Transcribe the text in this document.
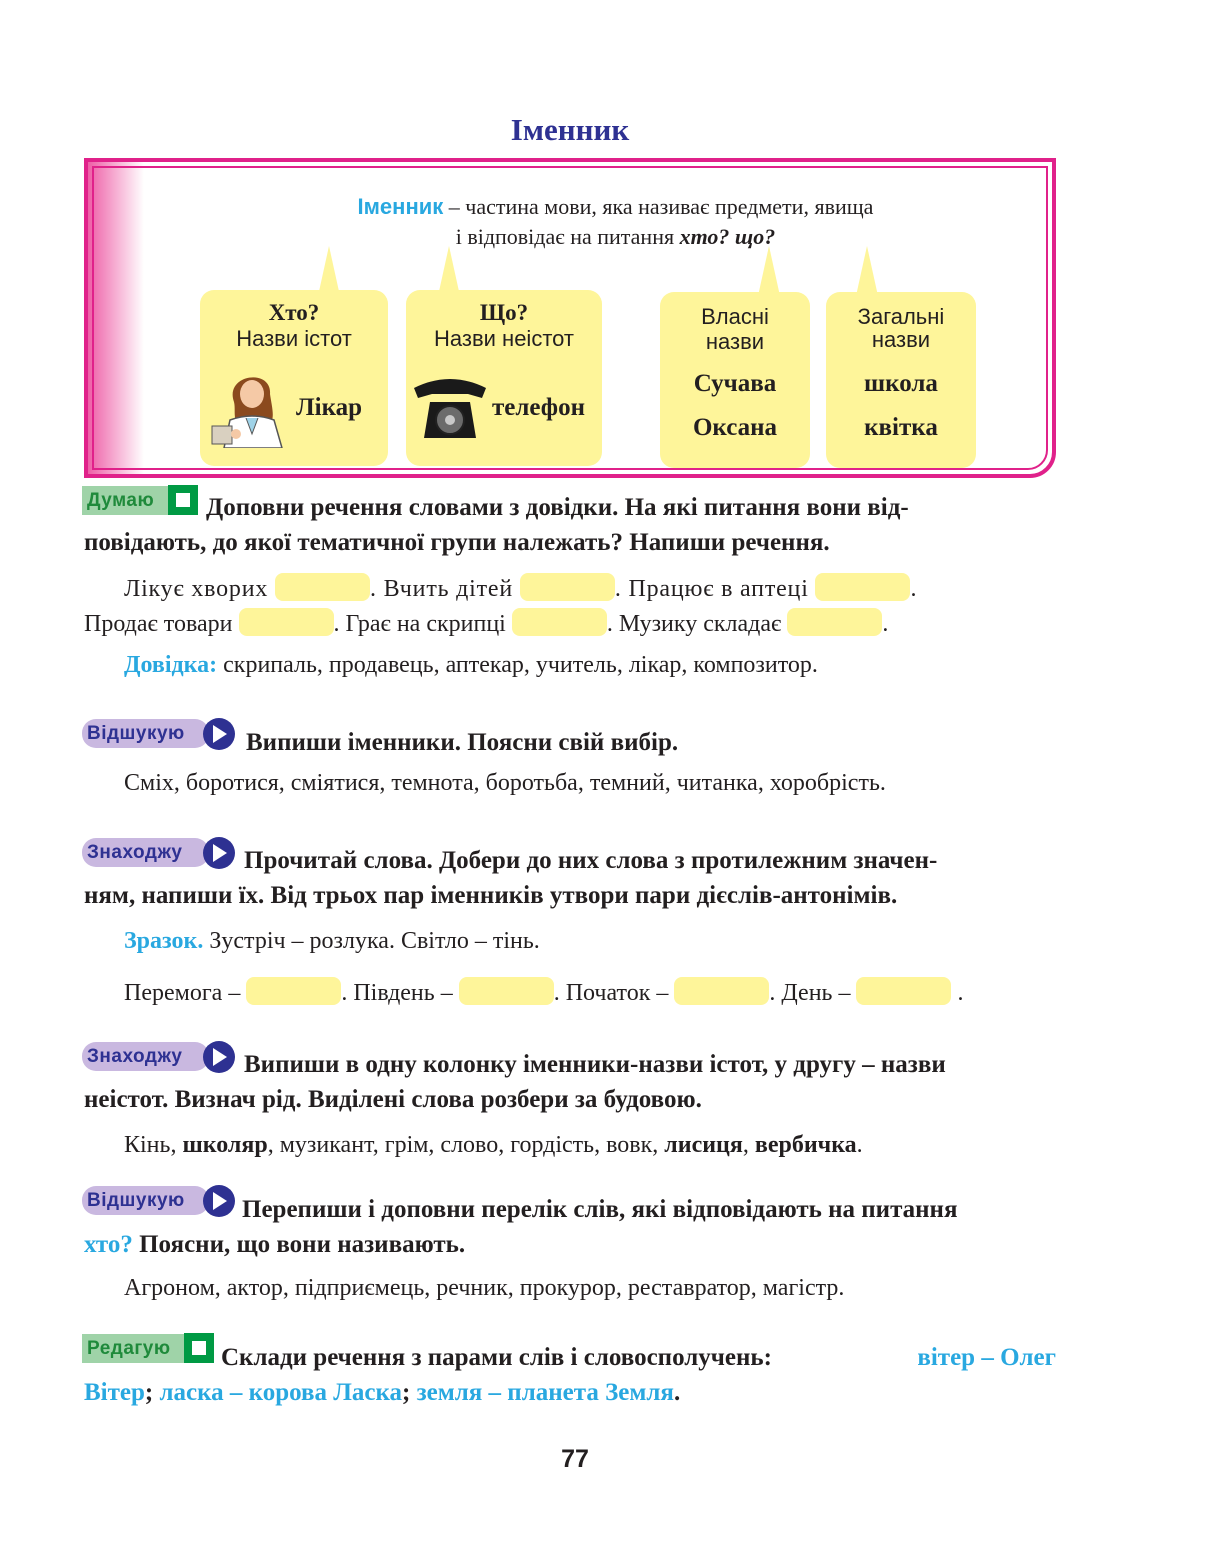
Іменник
Іменник – частина мови, яка називає предмети, явища
і відповідає на питання хто? що?
Хто?
Назви істот
Лікар
Що?
Назви неістот
телефон
Власні
назви
Сучава
Оксана
Загальні
назви
школа
квітка
Думаю	Доповни речення словами з довідки. На які питання вони від-
повідають, до якої тематичної групи належать? Напиши речення.
Лікує хворих	. Вчить дітей	. Працює в аптеці	.
Продає товари	. Грає на скрипці	. Музику складає	.
Довідка: скрипаль, продавець, аптекар, учитель, лікар, композитор.
Відшукую	Випиши іменники. Поясни свій вибір.
Сміх, боротися, сміятися, темнота, боротьба, темний, читанка, хоробрість.
Знаходжу	Прочитай слова. Добери до них слова з протилежним значен-
ням, напиши їх. Від трьох пар іменників утвори пари дієслів-антонімів.
Зразок. Зустріч – розлука. Світло – тінь.
Перемога –	. Південь –	. Початок –	. День –	.
Знаходжу	Випиши в одну колонку іменники-назви істот, у другу – назви
неістот. Визнач рід. Виділені слова розбери за будовою.
Кінь, школяр, музикант, грім, слово, гордість, вовк, лисиця, вербичка.
Відшукую	Перепиши і доповни перелік слів, які відповідають на питання
хто? Поясни, що вони називають.
Агроном, актор, підприємець, речник, прокурор, реставратор, магістр.
Редагую	Склади речення з парами слів і словосполучень:	вітер – Олег
Вітер; ласка – корова Ласка; земля – планета Земля.
77
